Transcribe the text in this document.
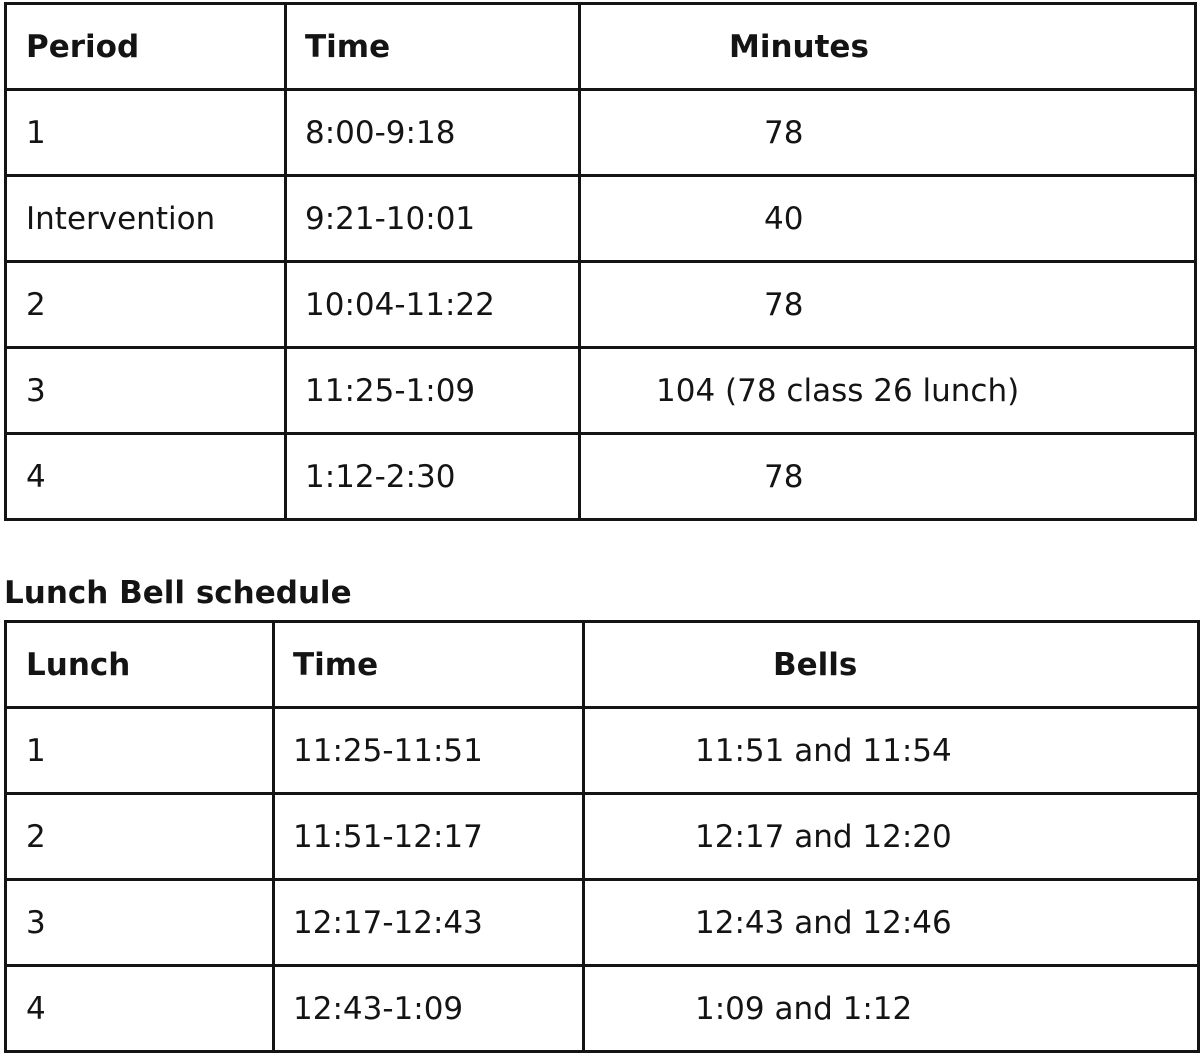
Period	Time	Minutes
1	8:00-9:18	78
Intervention	9:21-10:01	40
2	10:04-11:22	78
3	11:25-1:09	104 (78 class 26 lunch)
4	1:12-2:30	78
Lunch Bell schedule
Lunch	Time	Bells
1	11:25-11:51	11:51 and 11:54
2	11:51-12:17	12:17 and 12:20
3	12:17-12:43	12:43 and 12:46
4	12:43-1:09	1:09 and 1:12
